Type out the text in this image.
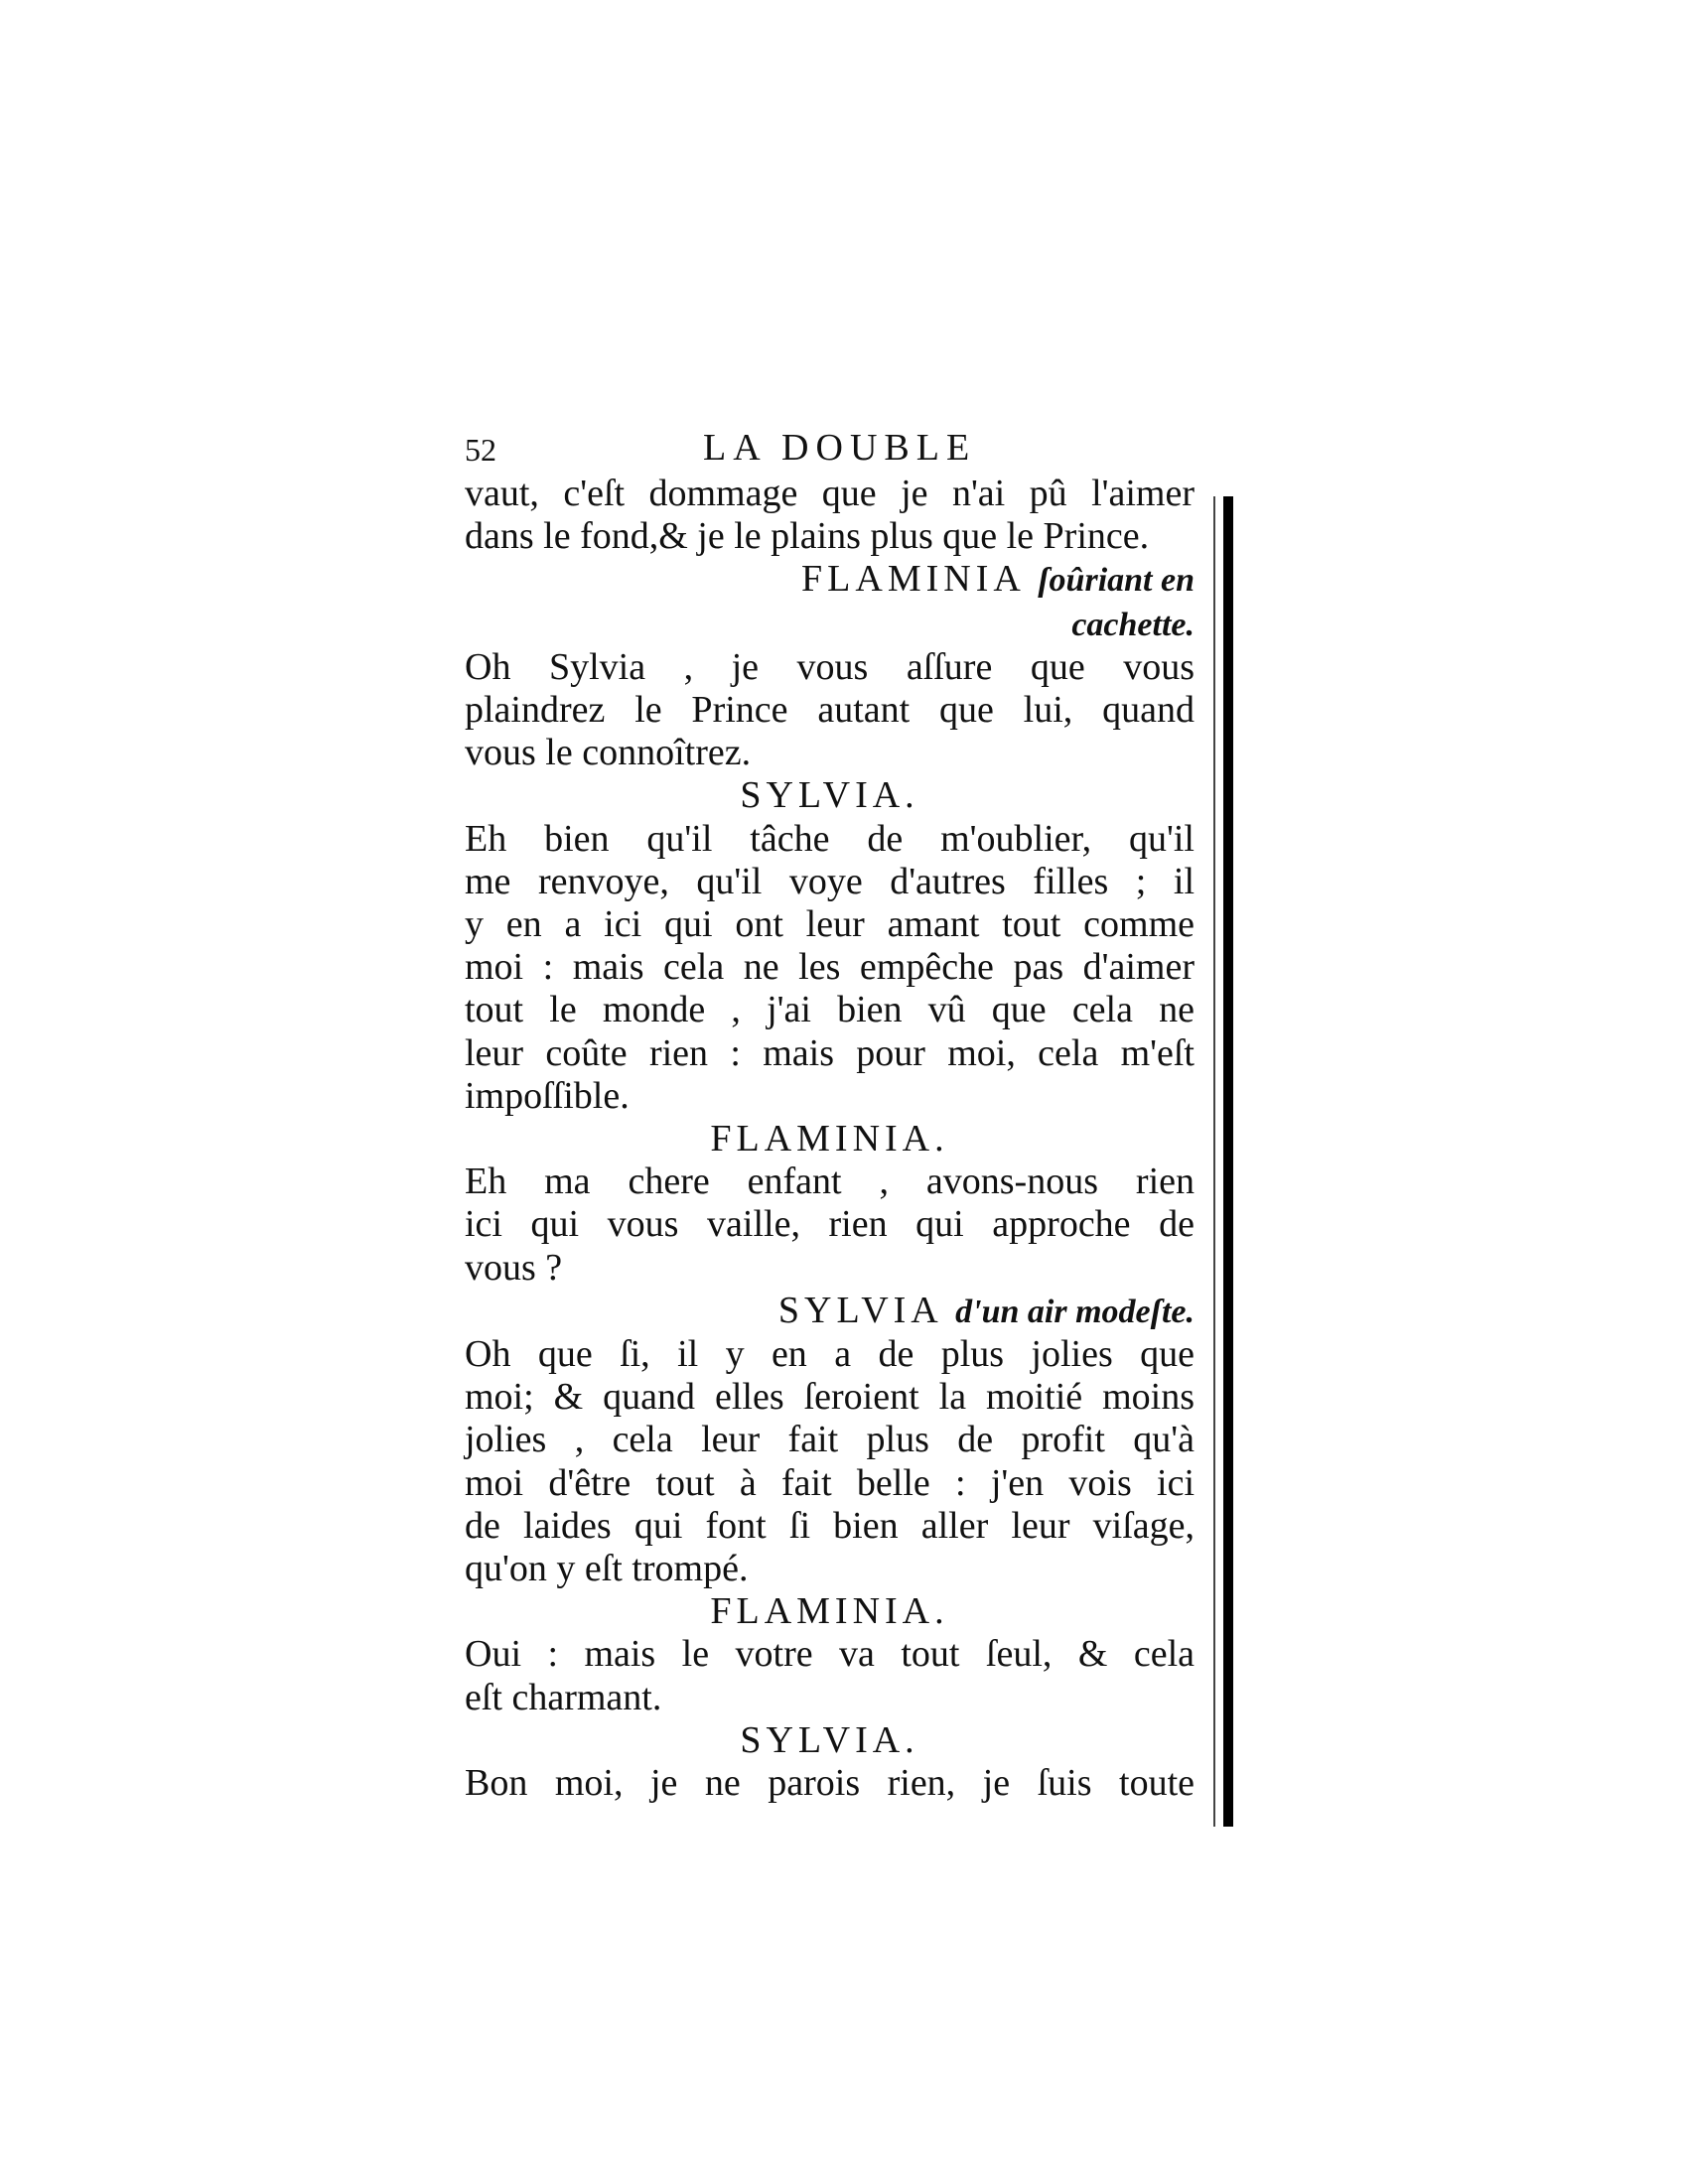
52	LA DOUBLE
vaut, c'eſt dommage que je n'ai pû l'aimer
dans le fond,& je le plains plus que le Prince.
FLAMINIA ſoûriant en
cachette.
Oh Sylvia , je vous aſſure que vous
plaindrez le Prince autant que lui, quand
vous le connoîtrez.
SYLVIA.
Eh bien qu'il tâche de m'oublier, qu'il
me renvoye, qu'il voye d'autres filles ; il
y en a ici qui ont leur amant tout comme
moi : mais cela ne les empêche pas d'aimer
tout le monde , j'ai bien vû que cela ne
leur coûte rien : mais pour moi, cela m'eſt
impoſſible.
FLAMINIA.
Eh ma chere enfant , avons-nous rien
ici qui vous vaille, rien qui approche de
vous ?
SYLVIA d'un air modeſte.
Oh que ſi, il y en a de plus jolies que
moi; & quand elles ſeroient la moitié moins
jolies , cela leur fait plus de profit qu'à
moi d'être tout à fait belle : j'en vois ici
de laides qui font ſi bien aller leur viſage,
qu'on y eſt trompé.
FLAMINIA.
Oui : mais le votre va tout ſeul, & cela
eſt charmant.
SYLVIA.
Bon moi, je ne parois rien, je ſuis toute
